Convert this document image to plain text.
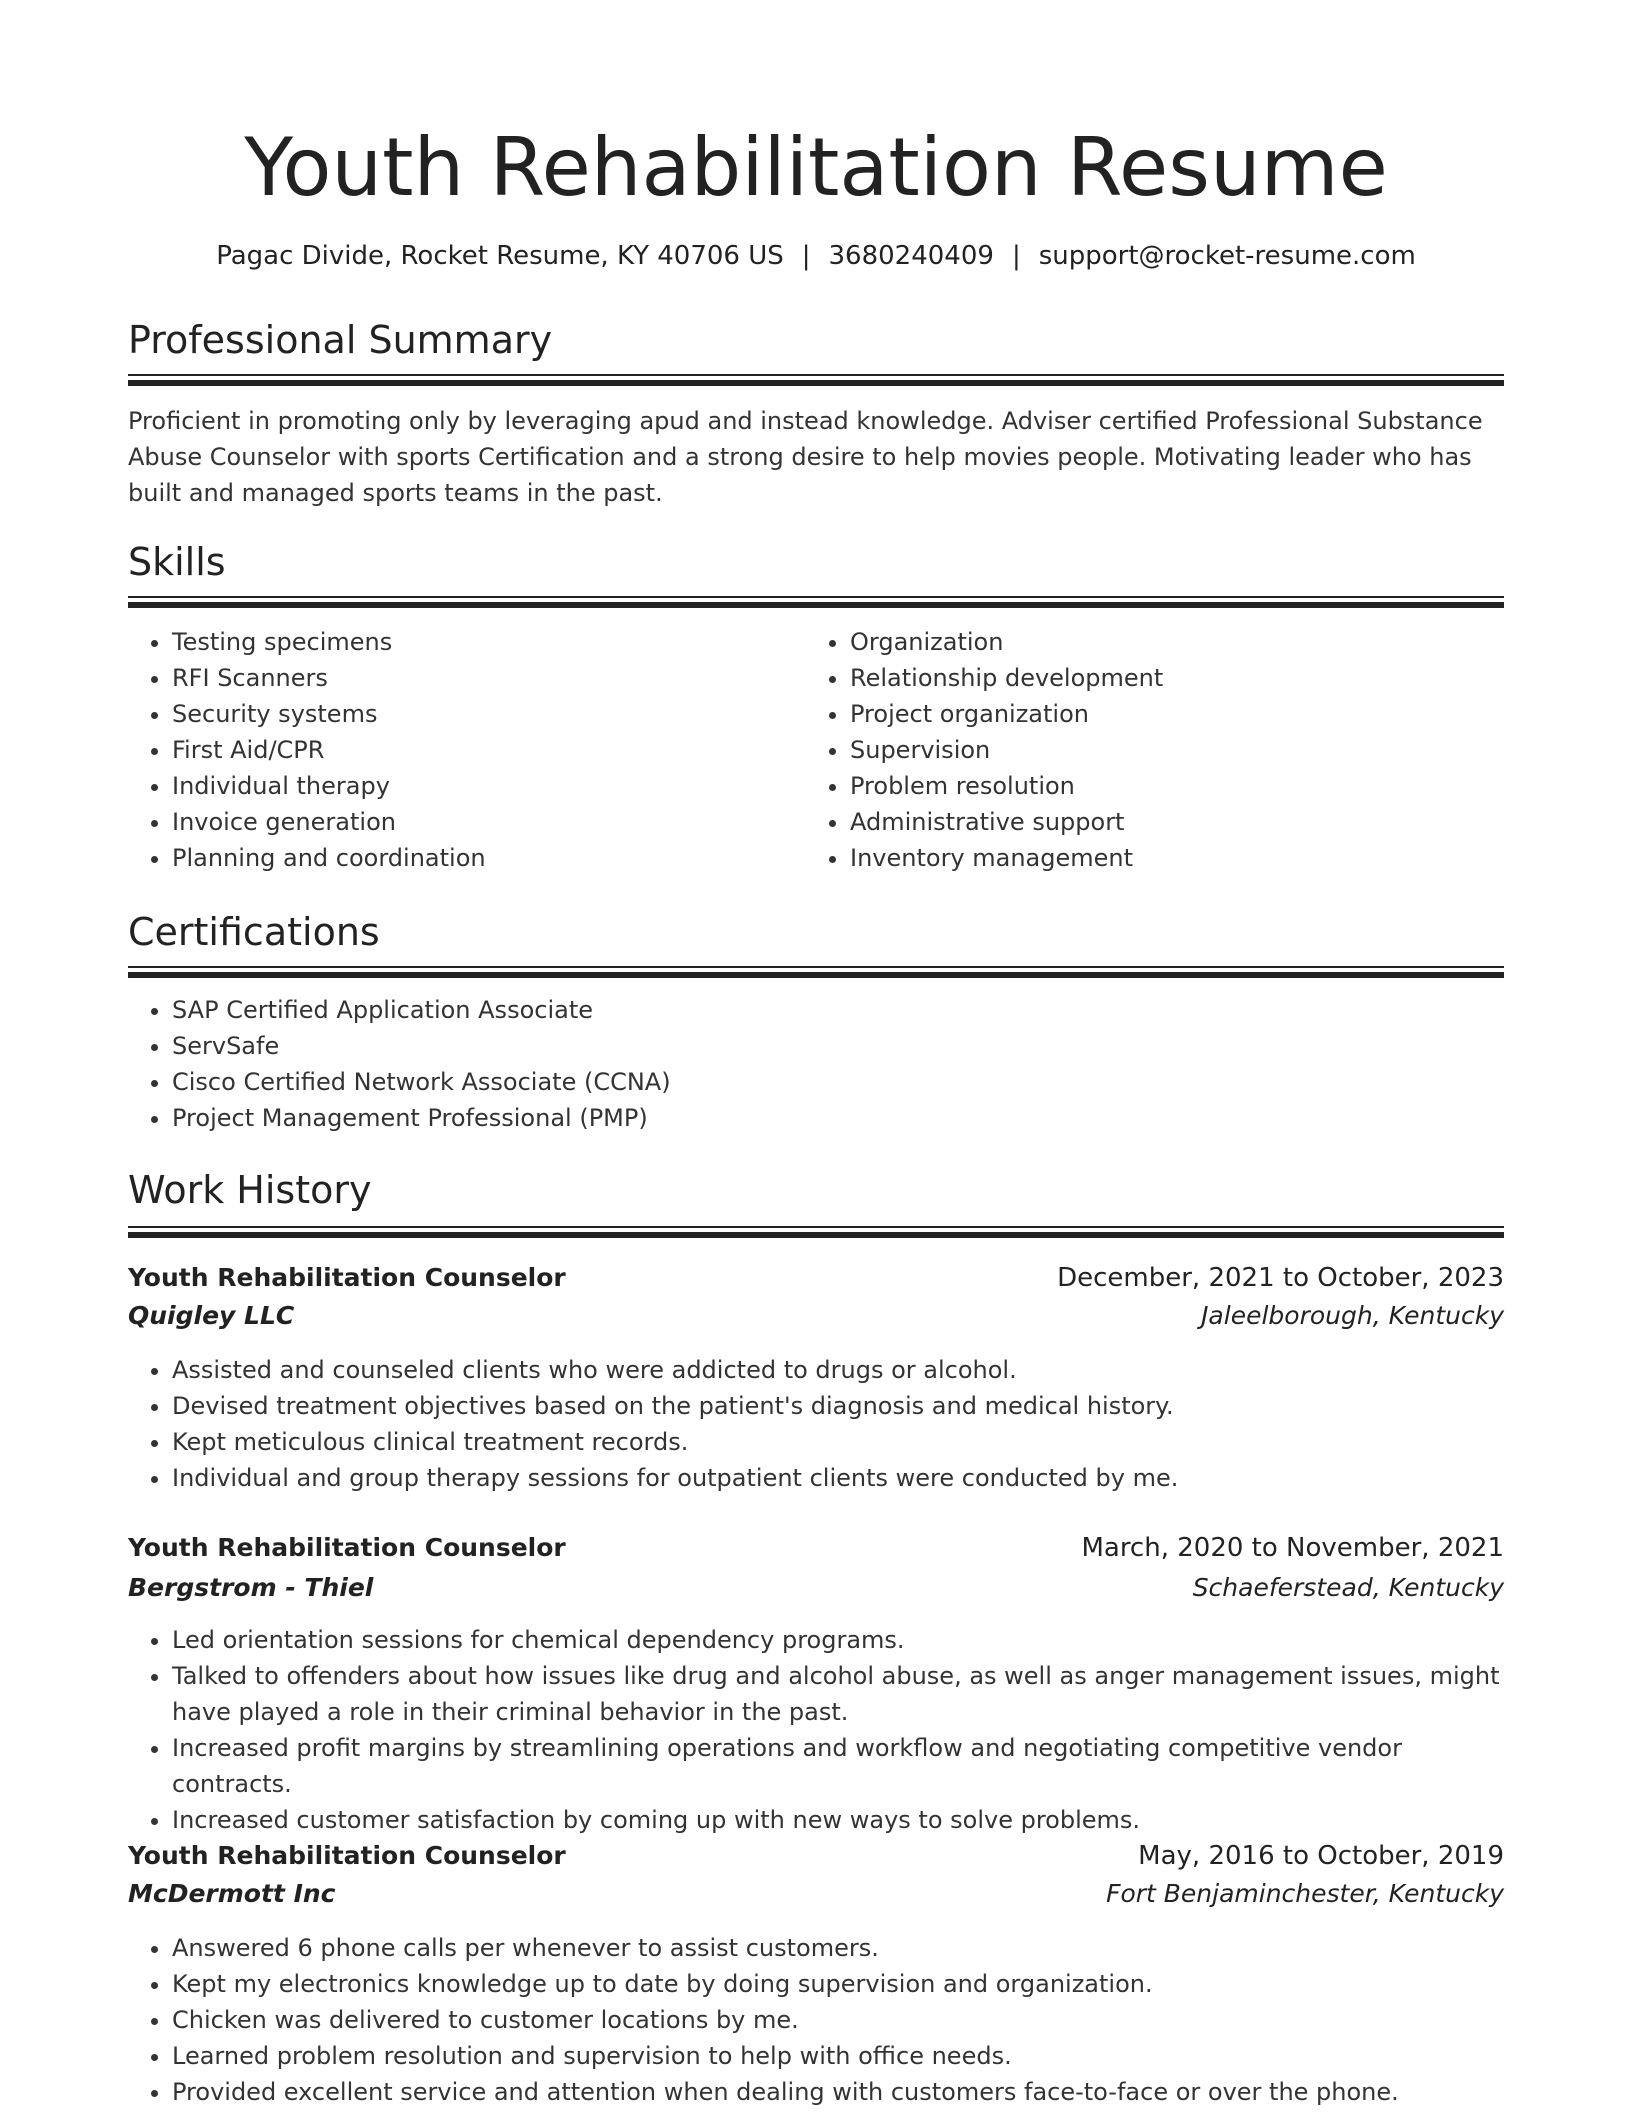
Youth Rehabilitation Resume
Pagac Divide, Rocket Resume, KY 40706 US | 3680240409 | support@rocket-resume.com
Professional Summary

Proficient in promoting only by leveraging apud and instead knowledge. Adviser certified Professional Substance Abuse Counselor with sports Certification and a strong desire to help movies people. Motivating leader who has built and managed sports teams in the past.

Skills
• Testing specimens
• RFI Scanners
• Security systems
• First Aid/CPR
• Individual therapy
• Invoice generation
• Planning and coordination
• Organization
• Relationship development
• Project organization
• Supervision
• Problem resolution
• Administrative support
• Inventory management
Certifications
• SAP Certified Application Associate
• ServSafe
• Cisco Certified Network Associate (CCNA)
• Project Management Professional (PMP)
Work History
Youth Rehabilitation Counselor	December, 2021 to October, 2023
Quigley LLC	Jaleelborough, Kentucky
• Assisted and counseled clients who were addicted to drugs or alcohol.
• Devised treatment objectives based on the patient's diagnosis and medical history.
• Kept meticulous clinical treatment records.
• Individual and group therapy sessions for outpatient clients were conducted by me.
Youth Rehabilitation Counselor	March, 2020 to November, 2021
Bergstrom - Thiel	Schaeferstead, Kentucky
• Led orientation sessions for chemical dependency programs.
• Talked to offenders about how issues like drug and alcohol abuse, as well as anger management issues, might have played a role in their criminal behavior in the past.
• Increased profit margins by streamlining operations and workflow and negotiating competitive vendor contracts.
• Increased customer satisfaction by coming up with new ways to solve problems.
Youth Rehabilitation Counselor	May, 2016 to October, 2019
McDermott Inc	Fort Benjaminchester, Kentucky
• Answered 6 phone calls per whenever to assist customers.
• Kept my electronics knowledge up to date by doing supervision and organization.
• Chicken was delivered to customer locations by me.
• Learned problem resolution and supervision to help with office needs.
• Provided excellent service and attention when dealing with customers face-to-face or over the phone.
